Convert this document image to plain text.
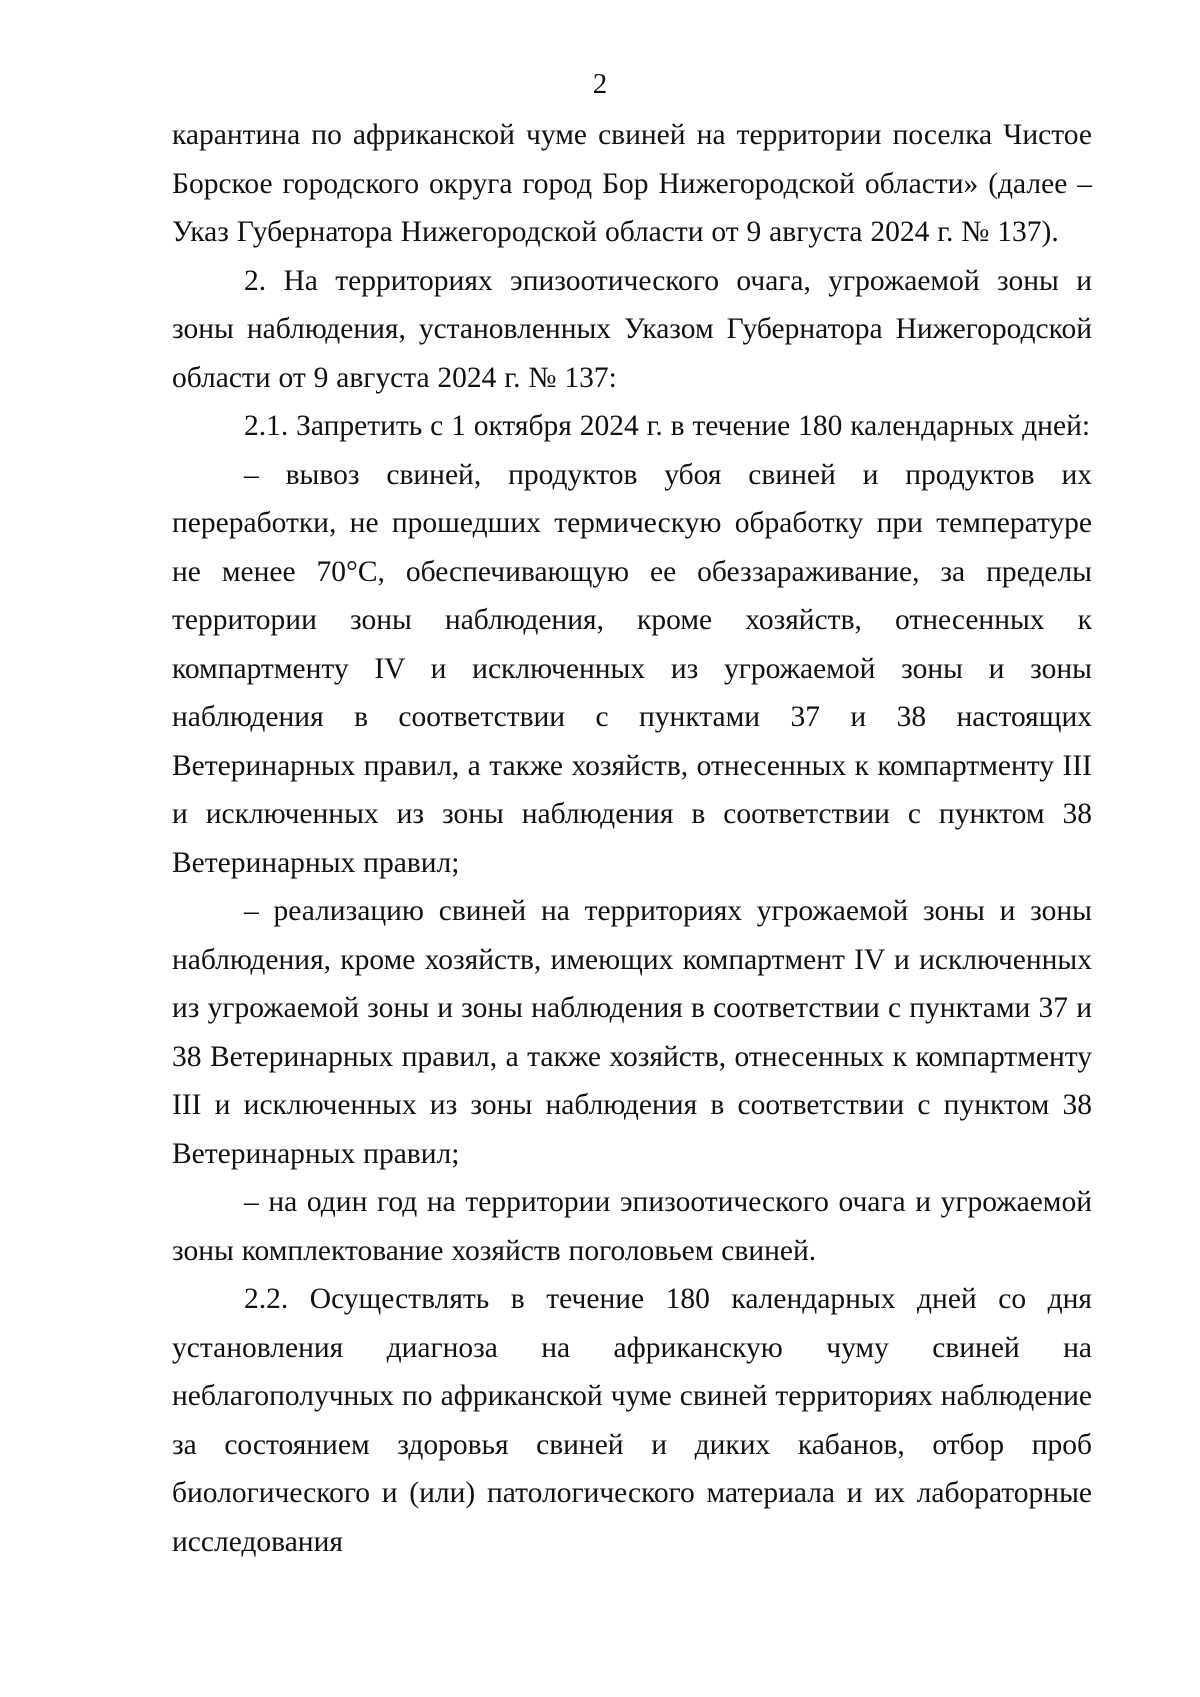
2

карантина по африканской чуме свиней на территории поселка Чистое Борское городского округа город Бор Нижегородской области» (далее – Указ Губернатора Нижегородской области от 9 августа 2024 г. № 137).

2. На территориях эпизоотического очага, угрожаемой зоны и зоны наблюдения, установленных Указом Губернатора Нижегородской области от 9 августа 2024 г. № 137:

2.1. Запретить с 1 октября 2024 г. в течение 180 календарных дней:

– вывоз свиней, продуктов убоя свиней и продуктов их переработки, не прошедших термическую обработку при температуре не менее 70°C, обеспечивающую ее обеззараживание, за пределы территории зоны наблюдения, кроме хозяйств, отнесенных к компартменту IV и исключенных из угрожаемой зоны и зоны наблюдения в соответствии с пунктами 37 и 38 настоящих Ветеринарных правил, а также хозяйств, отнесенных к компартменту III и исключенных из зоны наблюдения в соответствии с пунктом 38 Ветеринарных правил;

– реализацию свиней на территориях угрожаемой зоны и зоны наблюдения, кроме хозяйств, имеющих компартмент IV и исключенных из угрожаемой зоны и зоны наблюдения в соответствии с пунктами 37 и 38 Ветеринарных правил, а также хозяйств, отнесенных к компартменту III и исключенных из зоны наблюдения в соответствии с пунктом 38 Ветеринарных правил;

– на один год на территории эпизоотического очага и угрожаемой зоны комплектование хозяйств поголовьем свиней.

2.2. Осуществлять в течение 180 календарных дней со дня установления диагноза на африканскую чуму свиней на неблагополучных по африканской чуме свиней территориях наблюдение за состоянием здоровья свиней и диких кабанов, отбор проб биологического и (или) патологического материала и их лабораторные исследования
